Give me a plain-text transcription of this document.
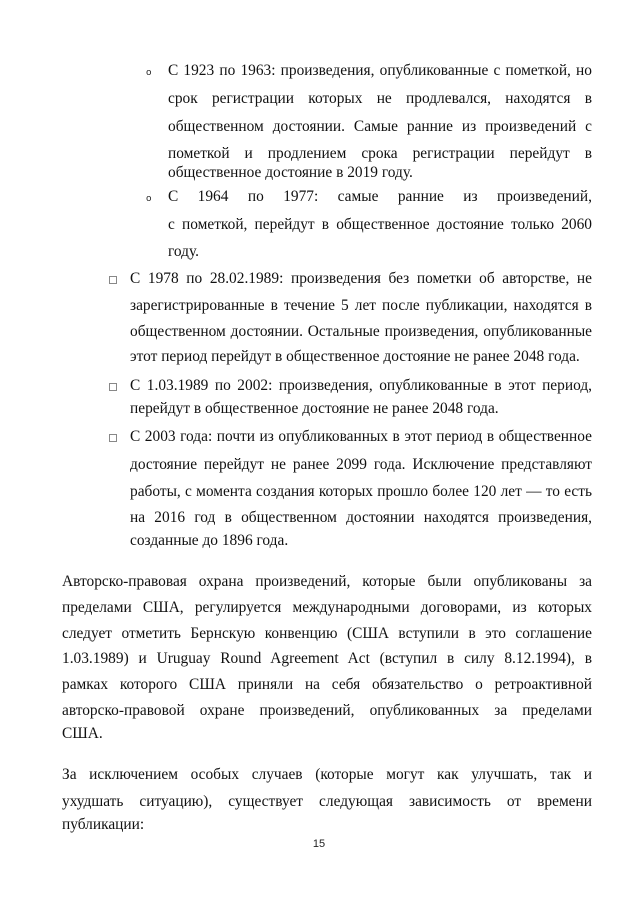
o С 1923 по 1963: произведения, опубликованные с пометкой, но
срок регистрации которых не продлевался, находятся в
общественном достоянии. Самые ранние из произведений с
пометкой и продлением срока регистрации перейдут в
общественное достояние в 2019 году.
o С 1964 по 1977: самые ранние из произведений,
с пометкой, перейдут в общественное достояние только 2060
году.
С 1978 по 28.02.1989: произведения без пометки об авторстве, не
зарегистрированные в течение 5 лет после публикации, находятся в
общественном достоянии. Остальные произведения, опубликованные
этот период перейдут в общественное достояние не ранее 2048 года.
С 1.03.1989 по 2002: произведения, опубликованные в этот период,
перейдут в общественное достояние не ранее 2048 года.
С 2003 года: почти из опубликованных в этот период в общественное
достояние перейдут не ранее 2099 года. Исключение представляют
работы, с момента создания которых прошло более 120 лет — то есть
на 2016 год в общественном достоянии находятся произведения,
созданные до 1896 года.
Авторско-правовая охрана произведений, которые были опубликованы за
пределами США, регулируется международными договорами, из которых
следует отметить Бернскую конвенцию (США вступили в это соглашение
1.03.1989) и Uruguay Round Agreement Act (вступил в силу 8.12.1994), в
рамках которого США приняли на себя обязательство о ретроактивной
авторско-правовой охране произведений, опубликованных за пределами
США.
За исключением особых случаев (которые могут как улучшать, так и
ухудшать ситуацию), существует следующая зависимость от времени
публикации:
15
